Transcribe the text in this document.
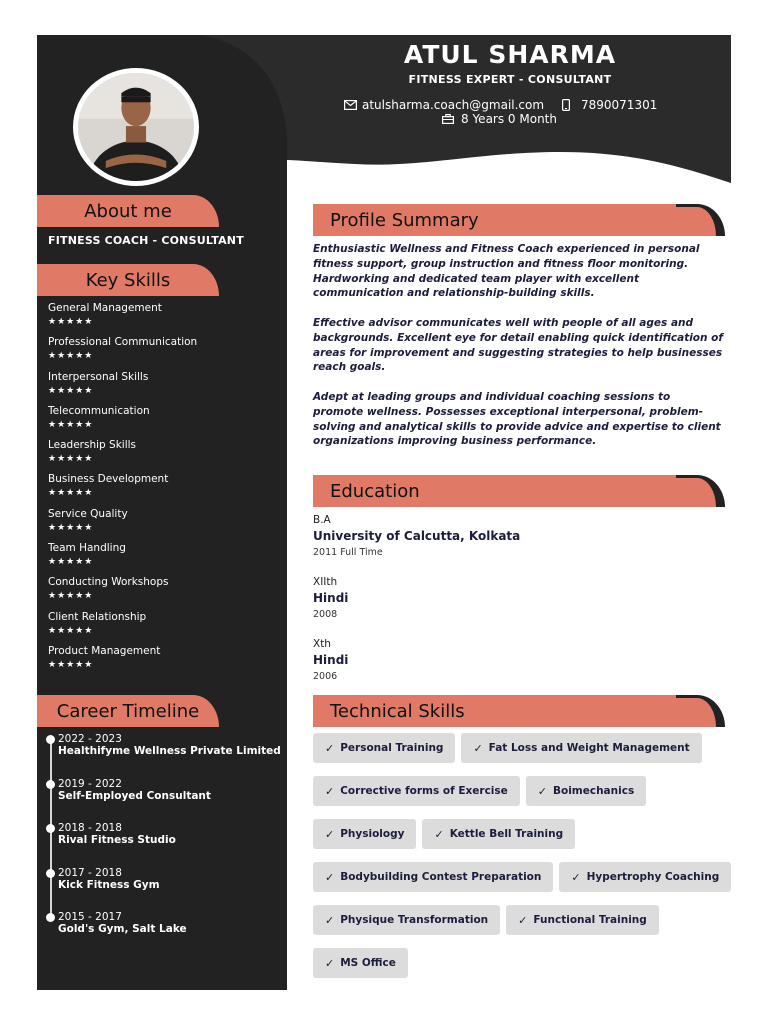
ATUL SHARMA
FITNESS EXPERT - CONSULTANT
atulsharma.coach@gmail.com	7890071301
8 Years 0 Month
About me
FITNESS COACH - CONSULTANT
Key Skills
General Management
★★★★★
Professional Communication
★★★★★
Interpersonal Skills
★★★★★
Telecommunication
★★★★★
Leadership Skills
★★★★★
Business Development
★★★★★
Service Quality
★★★★★
Team Handling
★★★★★
Conducting Workshops
★★★★★
Client Relationship
★★★★★
Product Management
★★★★★
Career Timeline
2022 - 2023
Healthifyme Wellness Private Limited
2019 - 2022
Self-Employed Consultant
2018 - 2018
Rival Fitness Studio
2017 - 2018
Kick Fitness Gym
2015 - 2017
Gold's Gym, Salt Lake
Profile Summary

Enthusiastic Wellness and Fitness Coach experienced in personal fitness support, group instruction and fitness floor monitoring. Hardworking and dedicated team player with excellent communication and relationship-building skills.

Effective advisor communicates well with people of all ages and backgrounds. Excellent eye for detail enabling quick identification of areas for improvement and suggesting strategies to help businesses reach goals.

Adept at leading groups and individual coaching sessions to promote wellness. Possesses exceptional interpersonal, problem-solving and analytical skills to provide advice and expertise to client organizations improving business performance.

Education
B.A
University of Calcutta, Kolkata
2011 Full Time
XIIth
Hindi
2008
Xth
Hindi
2006
Technical Skills
✓ Personal Training	✓ Fat Loss and Weight Management
✓ Corrective forms of Exercise	✓ Boimechanics
✓ Physiology	✓ Kettle Bell Training
✓ Bodybuilding Contest Preparation	✓ Hypertrophy Coaching
✓ Physique Transformation	✓ Functional Training
✓ MS Office
